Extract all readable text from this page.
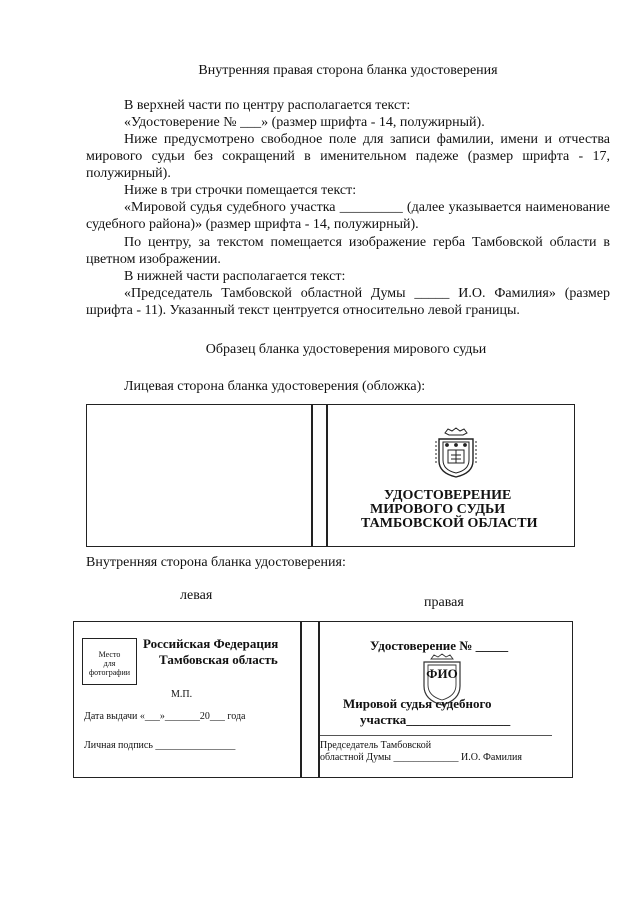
Внутренняя правая сторона бланка удостоверения
В верхней части по центру располагается текст:
«Удостоверение № ___» (размер шрифта - 14, полужирный).
Ниже предусмотрено свободное поле для записи фамилии, имени и отчества мирового судьи без сокращений в именительном падеже (размер шрифта - 17, полужирный).
Ниже в три строчки помещается текст:
«Мировой судья судебного участка _________ (далее указывается наименование судебного района)» (размер шрифта - 14, полужирный).
По центру, за текстом помещается изображение герба Тамбовской области в цветном изображении.
В нижней части располагается текст:
«Председатель Тамбовской областной Думы _____ И.О. Фамилия» (размер шрифта - 11). Указанный текст центруется относительно левой границы.
Образец бланка удостоверения мирового судьи
Лицевая сторона бланка удостоверения (обложка):
УДОСТОВЕРЕНИЕ
МИРОВОГО СУДЬИ
ТАМБОВСКОЙ ОБЛАСТИ
Внутренняя сторона бланка удостоверения:
левая	правая
Место
для
фотографии
Российская Федерация
Тамбовская область
М.П.
Дата выдачи «___»_______20___ года
Личная подпись ________________
Удостоверение № _____
ФИО
Мировой судья судебного
участка________________
Председатель Тамбовской
областной Думы _____________ И.О. Фамилия
